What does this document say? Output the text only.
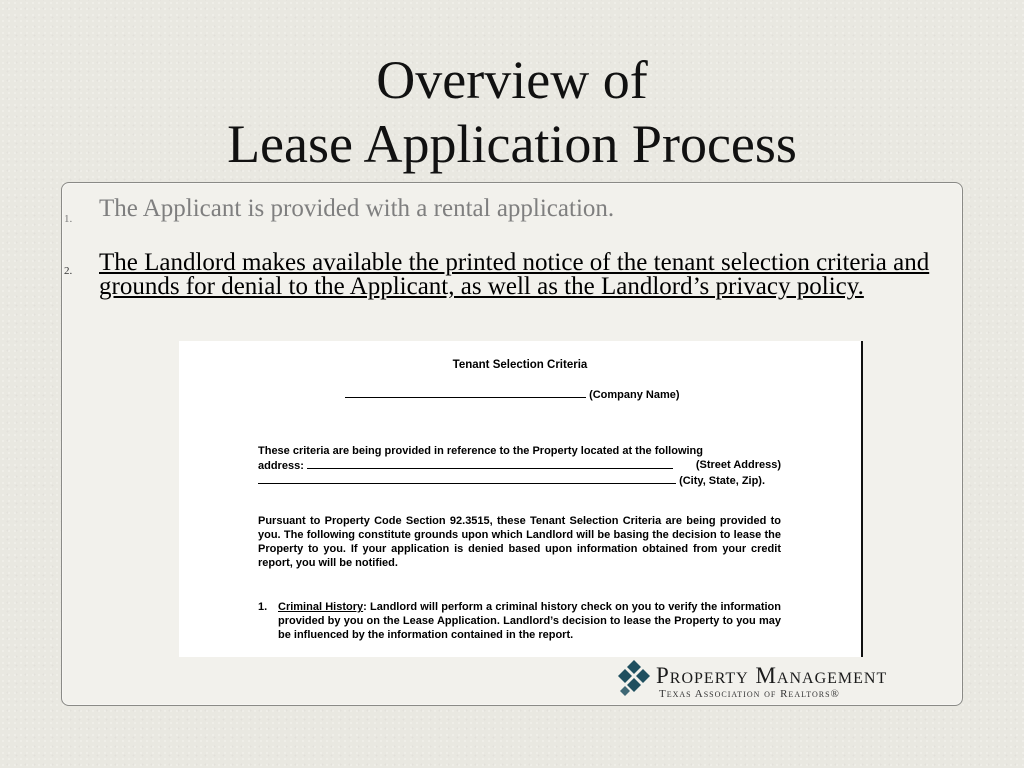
Overview of
Lease Application Process
1. The Applicant is provided with a rental application.
2. The Landlord makes available the printed notice of the tenant selection criteria and grounds for denial to the Applicant, as well as the Landlord’s privacy policy.
Tenant Selection Criteria
(Company Name)
These criteria are being provided in reference to the Property located at the following
address:	(Street Address)
(City, State, Zip).
Pursuant to Property Code Section 92.3515, these Tenant Selection Criteria are being provided to you. The following constitute grounds upon which Landlord will be basing the decision to lease the Property to you. If your application is denied based upon information obtained from your credit report, you will be notified.
1. Criminal History: Landlord will perform a criminal history check on you to verify the information provided by you on the Lease Application. Landlord’s decision to lease the Property to you may be influenced by the information contained in the report.
Property Management
Texas Association of Realtors®
